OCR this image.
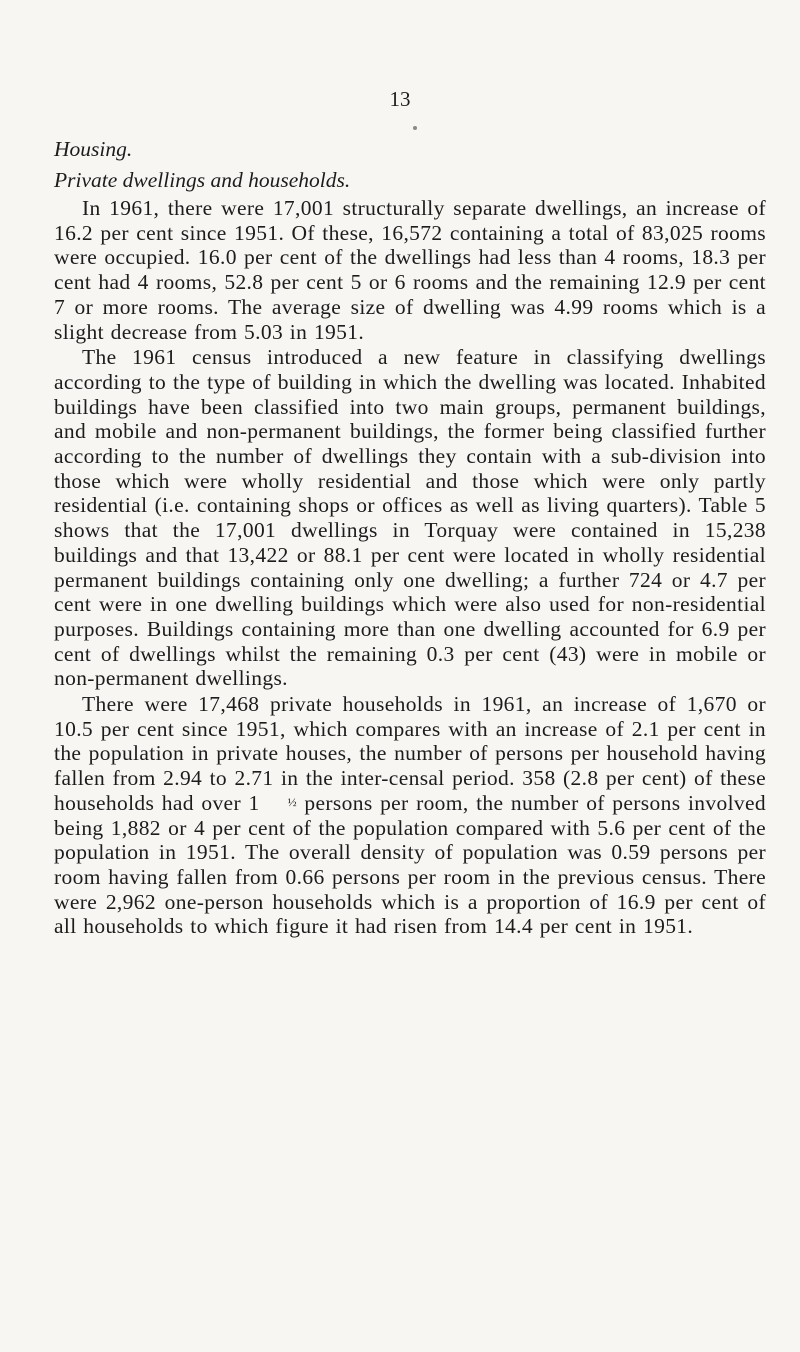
13

Housing.

Private dwellings and households.

In 1961, there were 17,001 structurally separate dwellings, an increase of 16.2 per cent since 1951. Of these, 16,572 containing a total of 83,025 rooms were occupied. 16.0 per cent of the dwellings had less than 4 rooms, 18.3 per cent had 4 rooms, 52.8 per cent 5 or 6 rooms and the remaining 12.9 per cent 7 or more rooms. The average size of dwelling was 4.99 rooms which is a slight decrease from 5.03 in 1951.

The 1961 census introduced a new feature in classifying dwellings according to the type of building in which the dwelling was located. Inhabited buildings have been classified into two main groups, permanent buildings, and mobile and non-permanent buildings, the former being classified further according to the number of dwellings they contain with a sub-division into those which were wholly residential and those which were only partly residential (i.e. containing shops or offices as well as living quarters). Table 5 shows that the 17,001 dwellings in Torquay were contained in 15,238 buildings and that 13,422 or 88.1 per cent were located in wholly residential permanent buildings containing only one dwelling; a further 724 or 4.7 per cent were in one dwelling buildings which were also used for non-residential purposes. Buildings containing more than one dwelling accounted for 6.9 per cent of dwellings whilst the remaining 0.3 per cent (43) were in mobile or non-permanent dwellings.

There were 17,468 private households in 1961, an increase of 1,670 or 10.5 per cent since 1951, which compares with an increase of 2.1 per cent in the population in private houses, the number of persons per household having fallen from 2.94 to 2.71 in the inter-censal period. 358 (2.8 per cent) of these households had over 1 ½ persons per room, the number of persons involved being 1,882 or 4 per cent of the population compared with 5.6 per cent of the population in 1951. The overall density of population was 0.59 persons per room having fallen from 0.66 persons per room in the previous census. There were 2,962 one-person households which is a proportion of 16.9 per cent of all households to which figure it had risen from 14.4 per cent in 1951.
